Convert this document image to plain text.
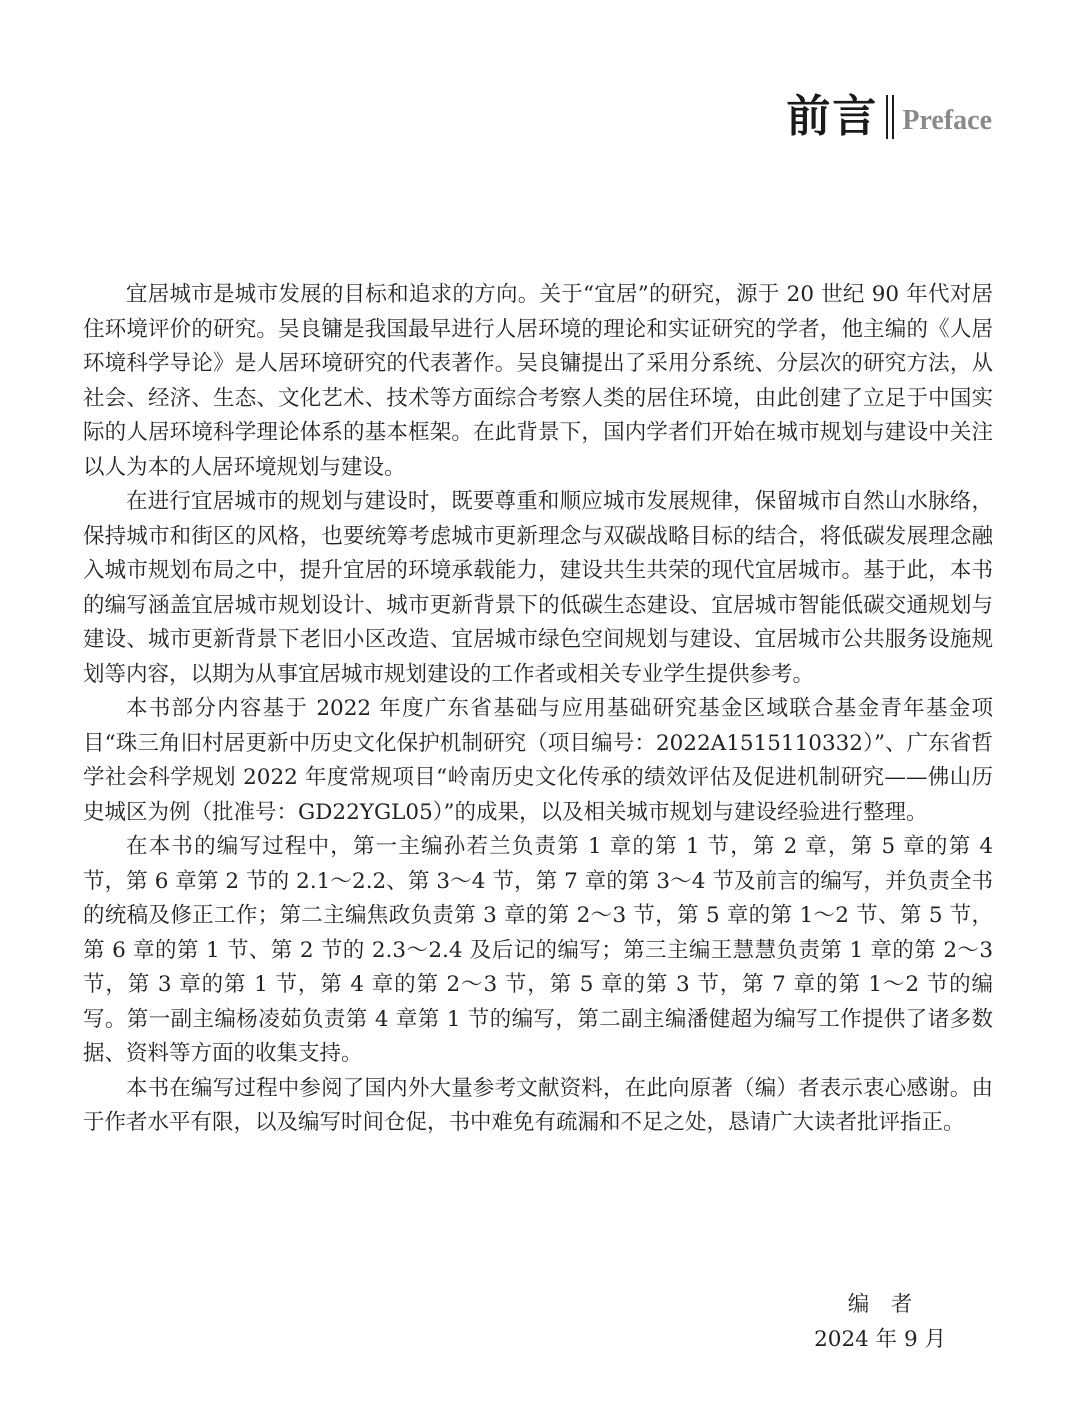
前言 Preface

宜居城市是城市发展的目标和追求的方向。关于“宜居”的研究，源于 20 世纪 90 年代对居住环境评价的研究。吴良镛是我国最早进行人居环境的理论和实证研究的学者，他主编的《人居环境科学导论》是人居环境研究的代表著作。吴良镛提出了采用分系统、分层次的研究方法，从社会、经济、生态、文化艺术、技术等方面综合考察人类的居住环境，由此创建了立足于中国实际的人居环境科学理论体系的基本框架。在此背景下，国内学者们开始在城市规划与建设中关注以人为本的人居环境规划与建设。

在进行宜居城市的规划与建设时，既要尊重和顺应城市发展规律，保留城市自然山水脉络，保持城市和街区的风格，也要统筹考虑城市更新理念与双碳战略目标的结合，将低碳发展理念融入城市规划布局之中，提升宜居的环境承载能力，建设共生共荣的现代宜居城市。基于此，本书的编写涵盖宜居城市规划设计、城市更新背景下的低碳生态建设、宜居城市智能低碳交通规划与建设、城市更新背景下老旧小区改造、宜居城市绿色空间规划与建设、宜居城市公共服务设施规划等内容，以期为从事宜居城市规划建设的工作者或相关专业学生提供参考。

本书部分内容基于 2022 年度广东省基础与应用基础研究基金区域联合基金青年基金项目“珠三角旧村居更新中历史文化保护机制研究（项目编号：2022A1515110332）”、广东省哲学社会科学规划 2022 年度常规项目“岭南历史文化传承的绩效评估及促进机制研究——佛山历史城区为例（批准号：GD22YGL05）”的成果，以及相关城市规划与建设经验进行整理。

在本书的编写过程中，第一主编孙若兰负责第 1 章的第 1 节，第 2 章，第 5 章的第 4 节，第 6 章第 2 节的 2.1～2.2、第 3～4 节，第 7 章的第 3～4 节及前言的编写，并负责全书的统稿及修正工作；第二主编焦政负责第 3 章的第 2～3 节，第 5 章的第 1～2 节、第 5 节，第 6 章的第 1 节、第 2 节的 2.3～2.4 及后记的编写；第三主编王慧慧负责第 1 章的第 2～3 节，第 3 章的第 1 节，第 4 章的第 2～3 节，第 5 章的第 3 节，第 7 章的第 1～2 节的编写。第一副主编杨凌茹负责第 4 章第 1 节的编写，第二副主编潘健超为编写工作提供了诸多数据、资料等方面的收集支持。

本书在编写过程中参阅了国内外大量参考文献资料，在此向原著（编）者表示衷心感谢。由于作者水平有限，以及编写时间仓促，书中难免有疏漏和不足之处，恳请广大读者批评指正。

编　者
2024 年 9 月
